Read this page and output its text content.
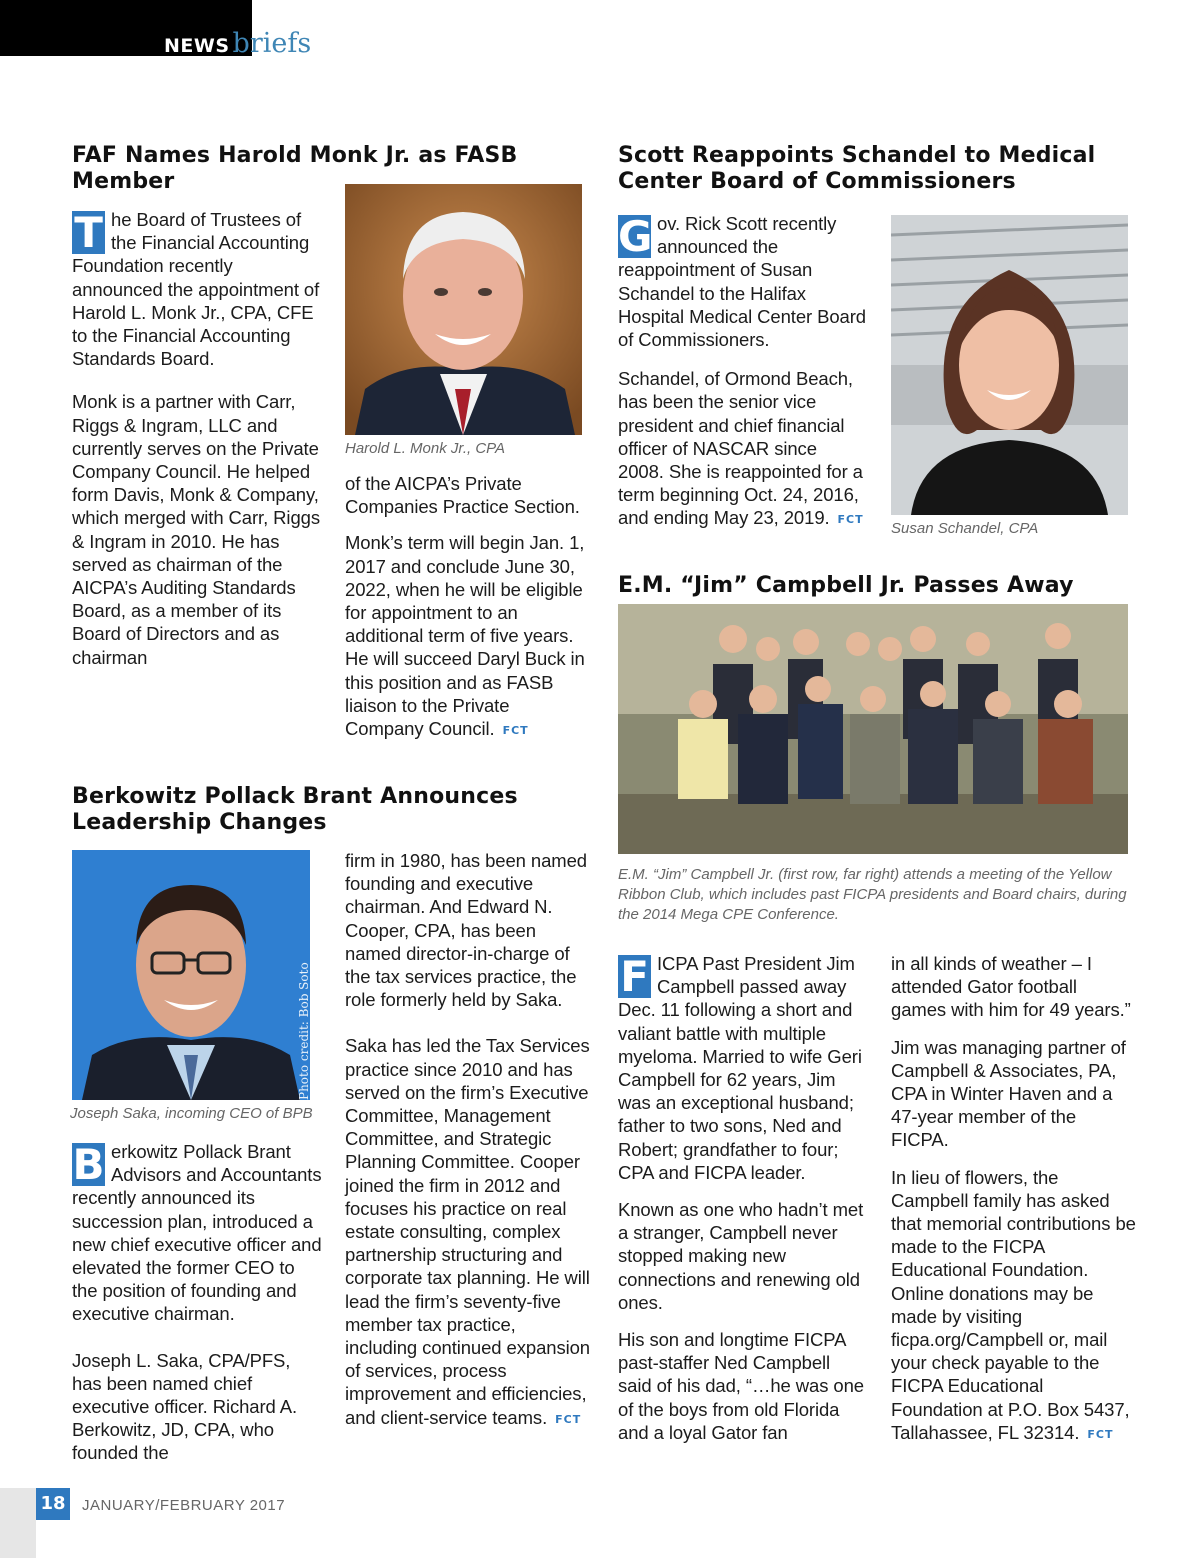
NEWS briefs
FAF Names Harold Monk Jr. as FASB Member
Harold L. Monk Jr., CPA
T he Board of Trustees of the Financial Accounting Foundation recently announced the appointment of Harold L. Monk Jr., CPA, CFE to the Financial Accounting Standards Board.
Monk is a partner with Carr, Riggs & Ingram, LLC and currently serves on the Private Company Council. He helped form Davis, Monk & Company, which merged with Carr, Riggs & Ingram in 2010. He has served as chairman of the AICPA’s Auditing Standards Board, as a member of its Board of Directors and as chairman
of the AICPA’s Private Companies Practice Section.
Monk’s term will begin Jan. 1, 2017 and conclude June 30, 2022, when he will be eligible for appointment to an additional term of five years. He will succeed Daryl Buck in this position and as FASB liaison to the Private Company Council. FCT
Scott Reappoints Schandel to Medical Center Board of Commissioners
G ov. Rick Scott recently announced the reappointment of Susan Schandel to the Halifax Hospital Medical Center Board of Commissioners.
Schandel, of Ormond Beach, has been the senior vice president and chief financial officer of NASCAR since 2008. She is reappointed for a term beginning Oct. 24, 2016, and ending May 23, 2019. FCT
Susan Schandel, CPA
E.M. “Jim” Campbell Jr. Passes Away
E.M. “Jim” Campbell Jr. (first row, far right) attends a meeting of the Yellow Ribbon Club, which includes past FICPA presidents and Board chairs, during the 2014 Mega CPE Conference.
F ICPA Past President Jim Campbell passed away Dec. 11 following a short and valiant battle with multiple myeloma. Married to wife Geri Campbell for 62 years, Jim was an exceptional husband; father to two sons, Ned and Robert; grandfather to four; CPA and FICPA leader.
Known as one who hadn’t met a stranger, Campbell never stopped making new connections and renewing old ones.
His son and longtime FICPA past-staffer Ned Campbell said of his dad, “…he was one of the boys from old Florida and a loyal Gator fan
in all kinds of weather – I attended Gator football games with him for 49 years.”
Jim was managing partner of Campbell & Associates, PA, CPA in Winter Haven and a 47-year member of the FICPA.
In lieu of flowers, the Campbell family has asked that memorial contributions be made to the FICPA Educational Foundation. Online donations may be made by visiting ficpa.org/Campbell or, mail your check payable to the FICPA Educational Foundation at P.O. Box 5437, Tallahassee, FL 32314. FCT
Berkowitz Pollack Brant Announces Leadership Changes
Photo credit: Bob Soto
Joseph Saka, incoming CEO of BPB
B erkowitz Pollack Brant Advisors and Accountants recently announced its succession plan, introduced a new chief executive officer and elevated the former CEO to the position of founding and executive chairman.
Joseph L. Saka, CPA/PFS, has been named chief executive officer. Richard A. Berkowitz, JD, CPA, who founded the
firm in 1980, has been named founding and executive chairman. And Edward N. Cooper, CPA, has been named director-in-charge of the tax services practice, the role formerly held by Saka.
Saka has led the Tax Services practice since 2010 and has served on the firm’s Executive Committee, Management Committee, and Strategic Planning Committee. Cooper joined the firm in 2012 and focuses his practice on real estate consulting, complex partnership structuring and corporate tax planning. He will lead the firm’s seventy-five member tax practice, including continued expansion of services, process improvement and efficiencies, and client-service teams. FCT
18 JANUARY/FEBRUARY 2017
